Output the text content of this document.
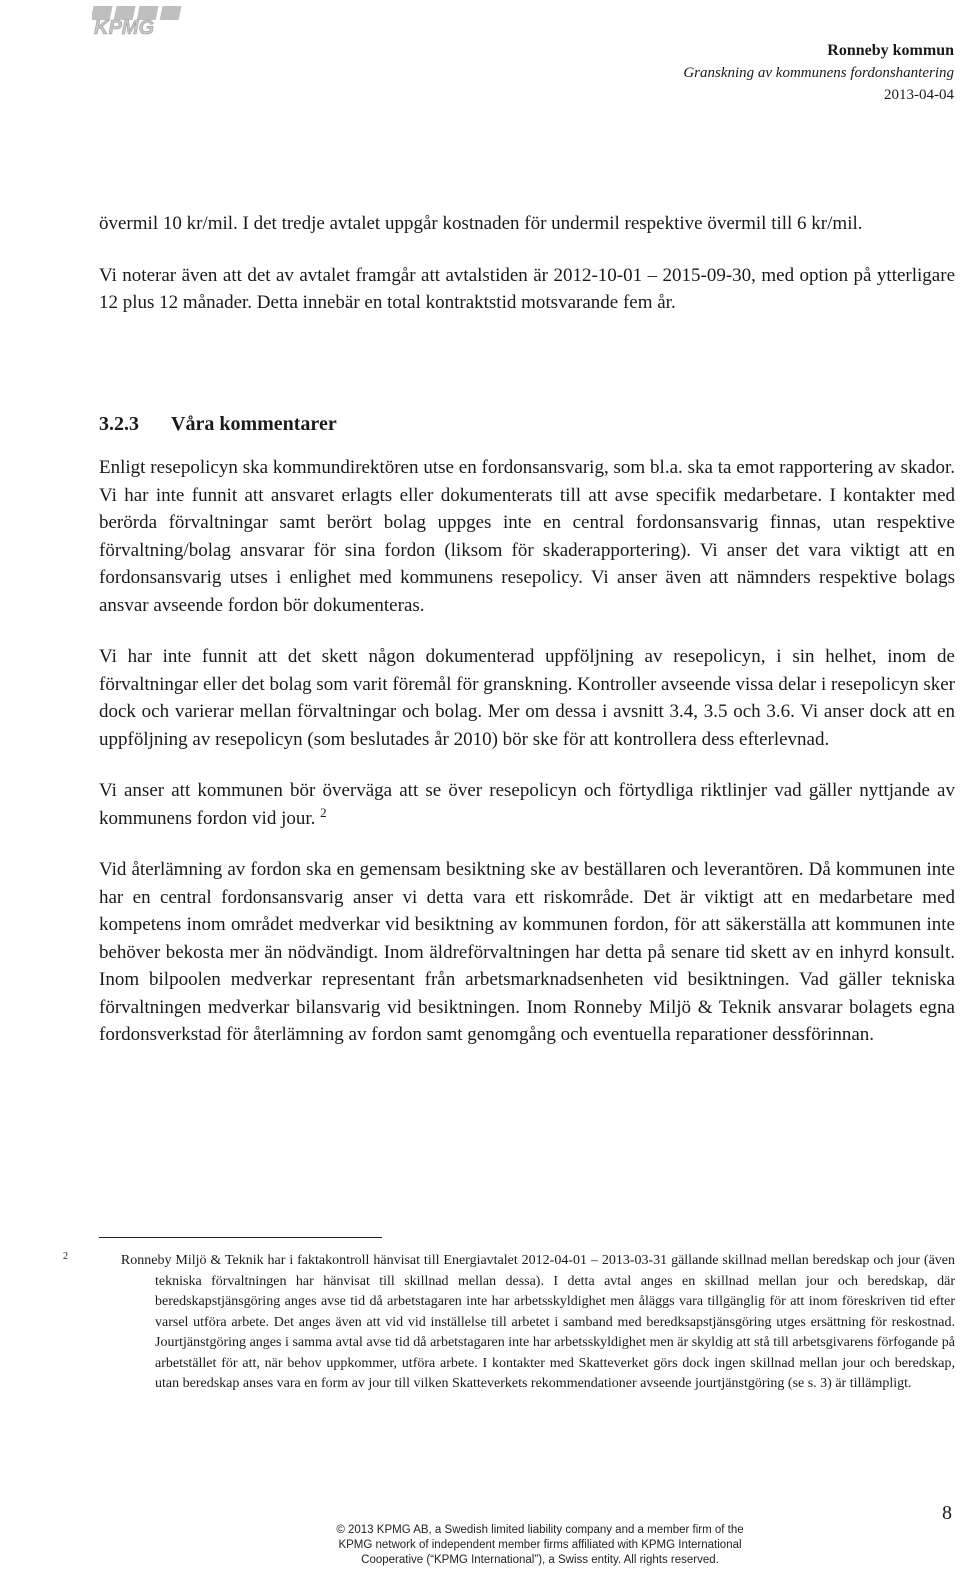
KPMG
Ronneby kommun
Granskning av kommunens fordonshantering
2013-04-04

övermil 10 kr/mil. I det tredje avtalet uppgår kostnaden för undermil respektive övermil till 6 kr/mil.

Vi noterar även att det av avtalet framgår att avtalstiden är 2012-10-01 – 2015-09-30, med option på ytterligare 12 plus 12 månader. Detta innebär en total kontraktstid motsvarande fem år.

3.2.3 Våra kommentarer

Enligt resepolicyn ska kommundirektören utse en fordonsansvarig, som bl.a. ska ta emot rapportering av skador. Vi har inte funnit att ansvaret erlagts eller dokumenterats till att avse specifik medarbetare. I kontakter med berörda förvaltningar samt berört bolag uppges inte en central fordonsansvarig finnas, utan respektive förvaltning/bolag ansvarar för sina fordon (liksom för skaderapportering). Vi anser det vara viktigt att en fordonsansvarig utses i enlighet med kommunens resepolicy. Vi anser även att nämnders respektive bolags ansvar avseende fordon bör dokumenteras.

Vi har inte funnit att det skett någon dokumenterad uppföljning av resepolicyn, i sin helhet, inom de förvaltningar eller det bolag som varit föremål för granskning. Kontroller avseende vissa delar i resepolicyn sker dock och varierar mellan förvaltningar och bolag. Mer om dessa i avsnitt 3.4, 3.5 och 3.6. Vi anser dock att en uppföljning av resepolicyn (som beslutades år 2010) bör ske för att kontrollera dess efterlevnad.

Vi anser att kommunen bör överväga att se över resepolicyn och förtydliga riktlinjer vad gäller nyttjande av kommunens fordon vid jour. $^2$

Vid återlämning av fordon ska en gemensam besiktning ske av beställaren och leverantören. Då kommunen inte har en central fordonsansvarig anser vi detta vara ett riskområde. Det är viktigt att en medarbetare med kompetens inom området medverkar vid besiktning av kommunen fordon, för att säkerställa att kommunen inte behöver bekosta mer än nödvändigt. Inom äldreförvaltningen har detta på senare tid skett av en inhyrd konsult. Inom bilpoolen medverkar representant från arbetsmarknadsenheten vid besiktningen. Vad gäller tekniska förvaltningen medverkar bilansvarig vid besiktningen. Inom Ronneby Miljö & Teknik ansvarar bolagets egna fordonsverkstad för återlämning av fordon samt genomgång och eventuella reparationer dessförinnan.

2	Ronneby Miljö & Teknik har i faktakontroll hänvisat till Energiavtalet 2012-04-01 – 2013-03-31 gällande skillnad mellan beredskap och jour (även tekniska förvaltningen har hänvisat till skillnad mellan dessa). I detta avtal anges en skillnad mellan jour och beredskap, där beredskapstjänsgöring anges avse tid då arbetstagaren inte har arbetsskyldighet men åläggs vara tillgänglig för att inom föreskriven tid efter varsel utföra arbete. Det anges även att vid vid inställelse till arbetet i samband med beredksapstjänsgöring utges ersättning för reskostnad. Jourtjänstgöring anges i samma avtal avse tid då arbetstagaren inte har arbetsskyldighet men är skyldig att stå till arbetsgivarens förfogande på arbetstället för att, när behov uppkommer, utföra arbete. I kontakter med Skatteverket görs dock ingen skillnad mellan jour och beredskap, utan beredskap anses vara en form av jour till vilken Skatteverkets rekommendationer avseende jourtjänstgöring (se s. 3) är tillämpligt.
8
© 2013 KPMG AB, a Swedish limited liability company and a member firm of the
KPMG network of independent member firms affiliated with KPMG International
Cooperative (“KPMG International”), a Swiss entity. All rights reserved.
